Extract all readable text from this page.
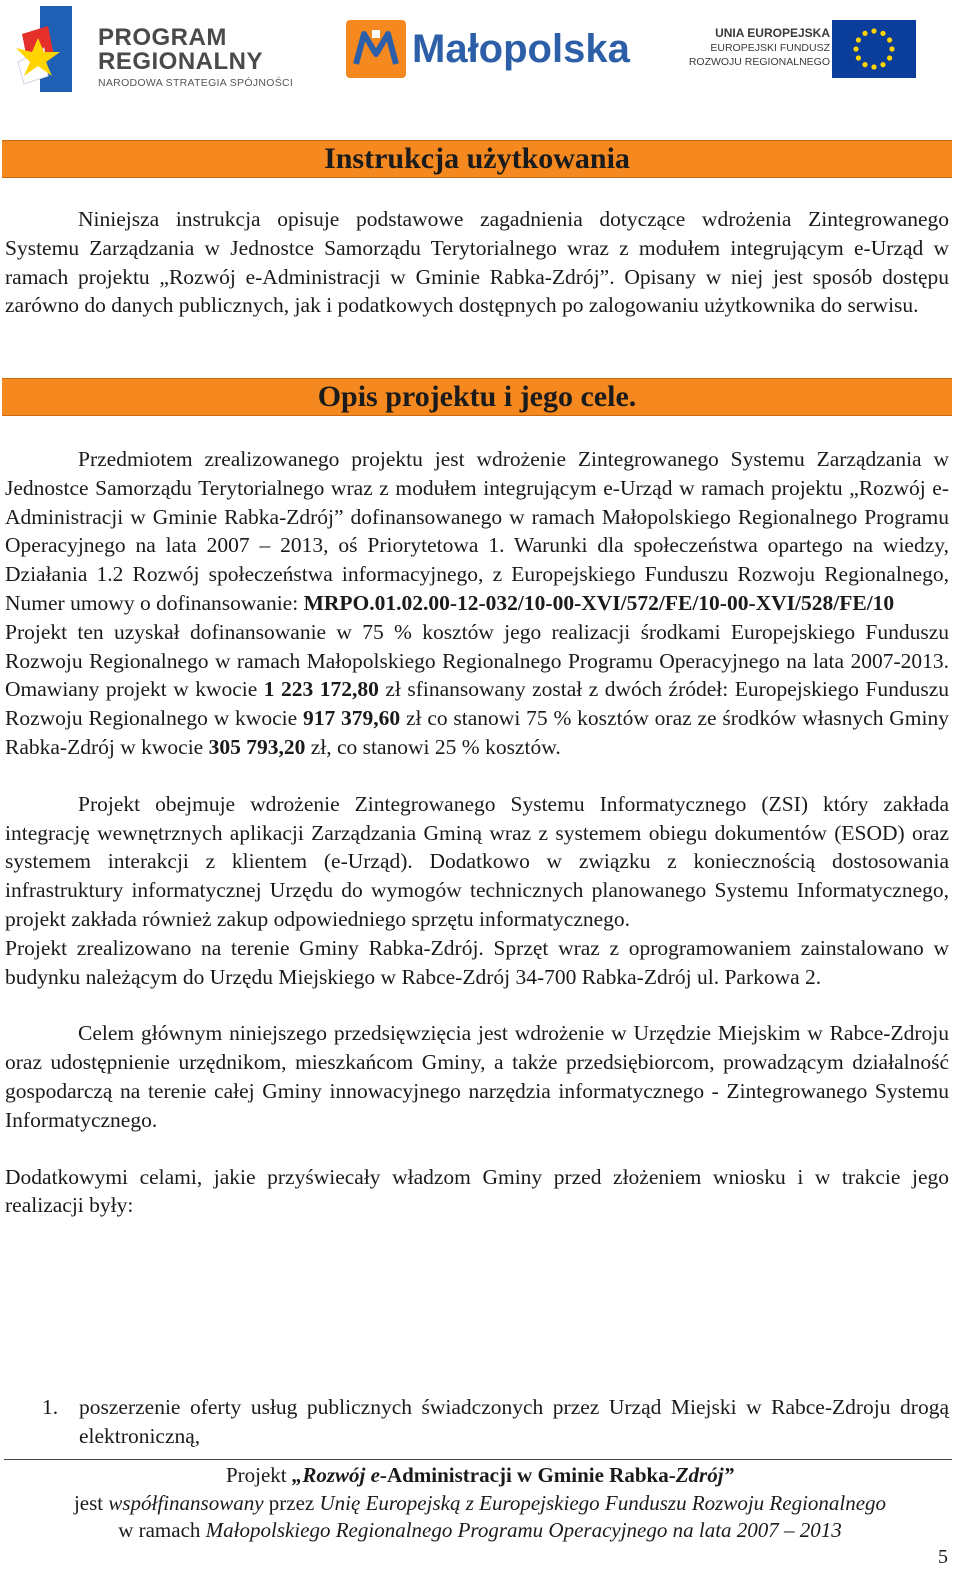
PROGRAM
REGIONALNY
NARODOWA STRATEGIA SPÓJNOŚCI
Małopolska	UNIA EUROPEJSKA
EUROPEJSKI FUNDUSZ
ROZWOJU REGIONALNEGO
Instrukcja użytkowania

Niniejsza instrukcja opisuje podstawowe zagadnienia dotyczące wdrożenia Zintegrowanego Systemu Zarządzania w Jednostce Samorządu Terytorialnego wraz z modułem integrującym e-Urząd w ramach projektu „Rozwój e-Administracji w Gminie Rabka-Zdrój”. Opisany w niej jest sposób dostępu zarówno do danych publicznych, jak i podatkowych dostępnych po zalogowaniu użytkownika do serwisu.

Opis projektu i jego cele.

Przedmiotem zrealizowanego projektu jest wdrożenie Zintegrowanego Systemu Zarządzania w Jednostce Samorządu Terytorialnego wraz z modułem integrującym e-Urząd w ramach projektu „Rozwój e-Administracji w Gminie Rabka-Zdrój” dofinansowanego w ramach Małopolskiego Regionalnego Programu Operacyjnego na lata 2007 – 2013, oś Priorytetowa 1. Warunki dla społeczeństwa opartego na wiedzy, Działania 1.2 Rozwój społeczeństwa informacyjnego, z Europejskiego Funduszu Rozwoju Regionalnego, Numer umowy o dofinansowanie: MRPO.01.02.00-12-032/10-00-XVI/572/FE/10-00-XVI/528/FE/10

Projekt ten uzyskał dofinansowanie w 75 % kosztów jego realizacji środkami Europejskiego Funduszu Rozwoju Regionalnego w ramach Małopolskiego Regionalnego Programu Operacyjnego na lata 2007-2013. Omawiany projekt w kwocie 1 223 172,80 zł sfinansowany został z dwóch źródeł: Europejskiego Funduszu Rozwoju Regionalnego w kwocie 917 379,60 zł co stanowi 75 % kosztów oraz ze środków własnych Gminy Rabka-Zdrój w kwocie 305 793,20 zł, co stanowi 25 % kosztów.

Projekt obejmuje wdrożenie Zintegrowanego Systemu Informatycznego (ZSI) który zakłada integrację wewnętrznych aplikacji Zarządzania Gminą wraz z systemem obiegu dokumentów (ESOD) oraz systemem interakcji z klientem (e-Urząd). Dodatkowo w związku z koniecznością dostosowania infrastruktury informatycznej Urzędu do wymogów technicznych planowanego Systemu Informatycznego, projekt zakłada również zakup odpowiedniego sprzętu informatycznego.

Projekt zrealizowano na terenie Gminy Rabka-Zdrój. Sprzęt wraz z oprogramowaniem zainstalowano w budynku należącym do Urzędu Miejskiego w Rabce-Zdrój 34-700 Rabka-Zdrój ul. Parkowa 2.

Celem głównym niniejszego przedsięwzięcia jest wdrożenie w Urzędzie Miejskim w Rabce-Zdroju oraz udostępnienie urzędnikom, mieszkańcom Gminy, a także przedsiębiorcom, prowadzącym działalność gospodarczą na terenie całej Gminy innowacyjnego narzędzia informatycznego - Zintegrowanego Systemu Informatycznego.

Dodatkowymi celami, jakie przyświecały władzom Gminy przed złożeniem wniosku i w trakcie jego realizacji były:

1. poszerzenie oferty usług publicznych świadczonych przez Urząd Miejski w Rabce-Zdroju drogą elektroniczną,
Projekt „Rozwój e-Administracji w Gminie Rabka-Zdrój”
jest współfinansowany przez Unię Europejską z Europejskiego Funduszu Rozwoju Regionalnego
w ramach Małopolskiego Regionalnego Programu Operacyjnego na lata 2007 – 2013
5
